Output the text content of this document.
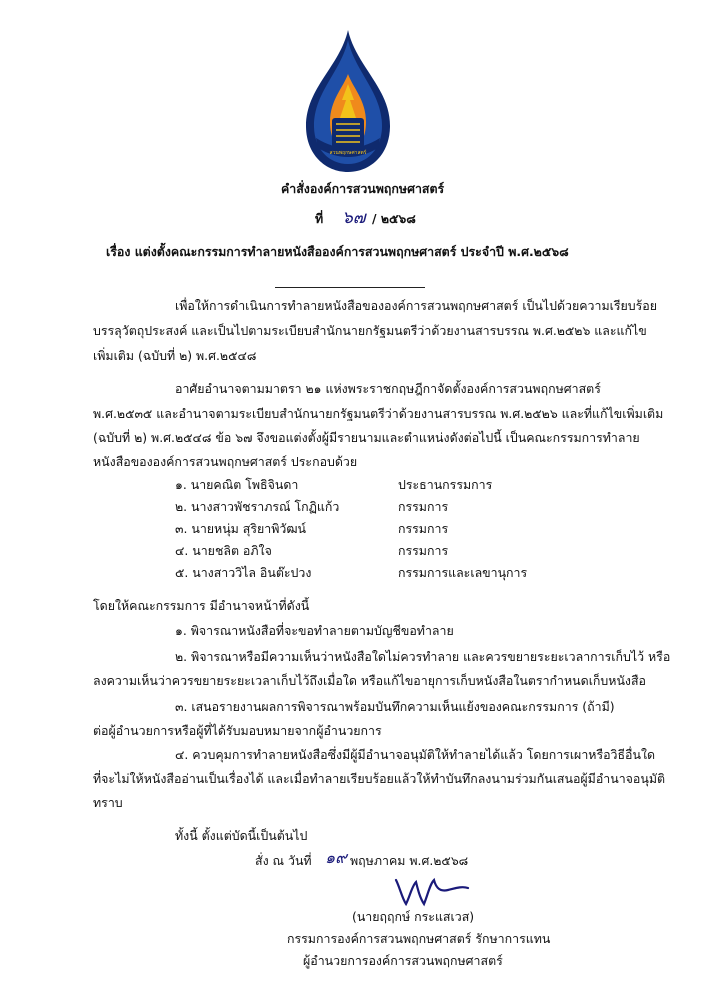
สวนพฤกษศาสตร์
คำสั่งองค์การสวนพฤกษศาสตร์
ที่ ๖๗ / ๒๕๖๘
เรื่อง แต่งตั้งคณะกรรมการทำลายหนังสือองค์การสวนพฤกษศาสตร์ ประจำปี พ.ศ.๒๕๖๘
เพื่อให้การดำเนินการทำลายหนังสือขององค์การสวนพฤกษศาสตร์ เป็นไปด้วยความเรียบร้อย
บรรลุวัตถุประสงค์ และเป็นไปตามระเบียบสำนักนายกรัฐมนตรีว่าด้วยงานสารบรรณ พ.ศ.๒๕๒๖ และแก้ไข
เพิ่มเติม (ฉบับที่ ๒) พ.ศ.๒๕๔๘
อาศัยอำนาจตามมาตรา ๒๑ แห่งพระราชกฤษฎีกาจัดตั้งองค์การสวนพฤกษศาสตร์
พ.ศ.๒๕๓๕ และอำนาจตามระเบียบสำนักนายกรัฐมนตรีว่าด้วยงานสารบรรณ พ.ศ.๒๕๒๖ และที่แก้ไขเพิ่มเติม
(ฉบับที่ ๒) พ.ศ.๒๕๔๘ ข้อ ๖๗ จึงขอแต่งตั้งผู้มีรายนามและตำแหน่งดังต่อไปนี้ เป็นคณะกรรมการทำลาย
หนังสือขององค์การสวนพฤกษศาสตร์ ประกอบด้วย
๑. นายคณิต โพธิจินดา	ประธานกรรมการ
๒. นางสาวพัชราภรณ์ โกฏิแก้ว	กรรมการ
๓. นายหนุ่ม สุริยาพิวัฒน์	กรรมการ
๔. นายชลิต อภิใจ	กรรมการ
๕. นางสาววิไล อินต๊ะปวง	กรรมการและเลขานุการ
โดยให้คณะกรรมการ มีอำนาจหน้าที่ดังนี้
๑. พิจารณาหนังสือที่จะขอทำลายตามบัญชีขอทำลาย
๒. พิจารณาหรือมีความเห็นว่าหนังสือใดไม่ควรทำลาย และควรขยายระยะเวลาการเก็บไว้ หรือ
ลงความเห็นว่าควรขยายระยะเวลาเก็บไว้ถึงเมื่อใด หรือแก้ไขอายุการเก็บหนังสือในตรากำหนดเก็บหนังสือ
๓. เสนอรายงานผลการพิจารณาพร้อมบันทึกความเห็นแย้งของคณะกรรมการ (ถ้ามี)
ต่อผู้อำนวยการหรือผู้ที่ได้รับมอบหมายจากผู้อำนวยการ
๔. ควบคุมการทำลายหนังสือซึ่งมีผู้มีอำนาจอนุมัติให้ทำลายได้แล้ว โดยการเผาหรือวิธีอื่นใด
ที่จะไม่ให้หนังสืออ่านเป็นเรื่องได้ และเมื่อทำลายเรียบร้อยแล้วให้ทำบันทึกลงนามร่วมกันเสนอผู้มีอำนาจอนุมัติ
ทราบ
ทั้งนี้ ตั้งแต่บัดนี้เป็นต้นไป
สั่ง ณ วันที่ ๑๙ พฤษภาคม พ.ศ.๒๕๖๘
(นายฤฤกษ์ กระแสเวส)
กรรมการองค์การสวนพฤกษศาสตร์ รักษาการแทน
ผู้อำนวยการองค์การสวนพฤกษศาสตร์
